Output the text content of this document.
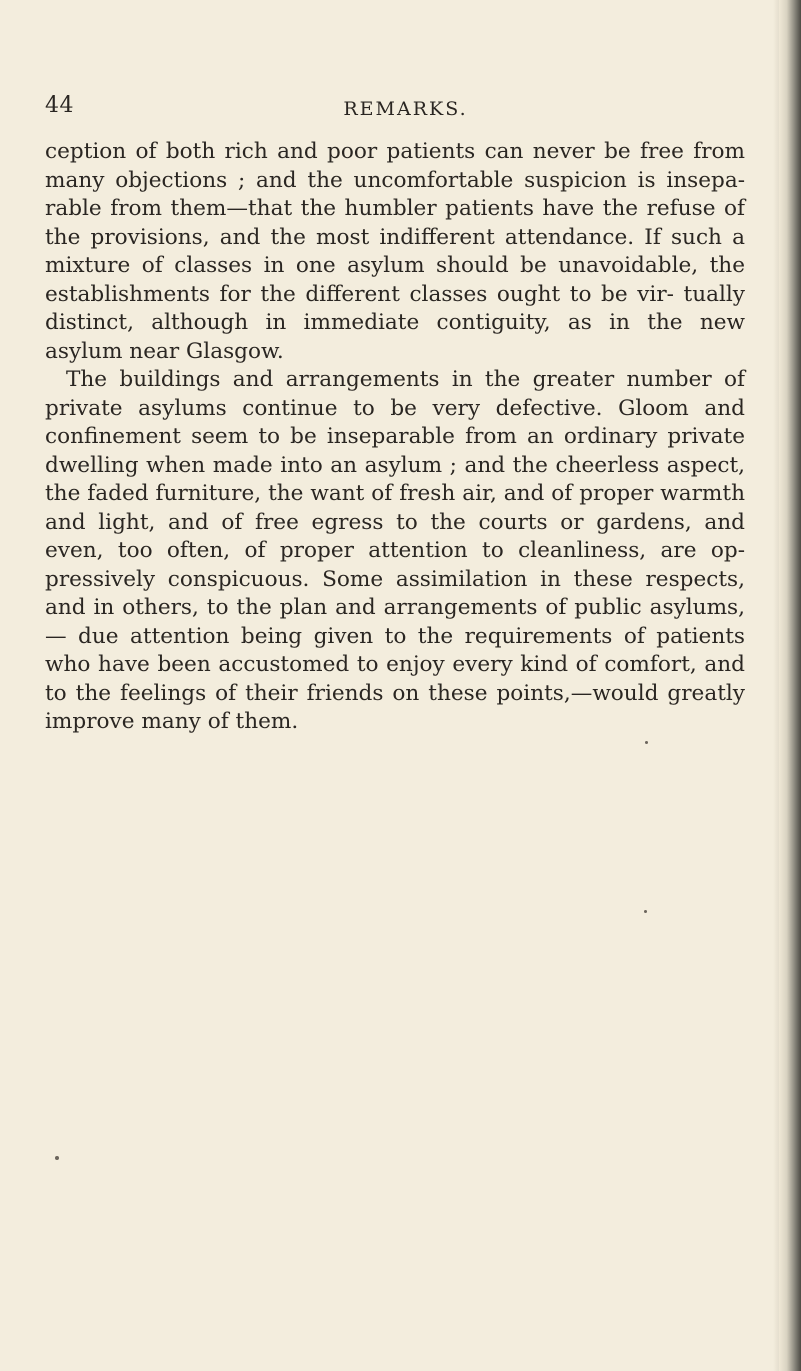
44	REMARKS.

ception of both rich and poor patients can never be free from many objections ; and the uncomfortable suspicion is insepa- rable from them—that the humbler patients have the refuse of the provisions, and the most indifferent attendance. If such a mixture of classes in one asylum should be unavoidable, the establishments for the different classes ought to be vir- tually distinct, although in immediate contiguity, as in the new asylum near Glasgow.

The buildings and arrangements in the greater number of private asylums continue to be very defective. Gloom and confinement seem to be inseparable from an ordinary private dwelling when made into an asylum ; and the cheerless aspect, the faded furniture, the want of fresh air, and of proper warmth and light, and of free egress to the courts or gardens, and even, too often, of proper attention to cleanliness, are op- pressively conspicuous. Some assimilation in these respects, and in others, to the plan and arrangements of public asylums,— due attention being given to the requirements of patients who have been accustomed to enjoy every kind of comfort, and to the feelings of their friends on these points,—would greatly improve many of them.
